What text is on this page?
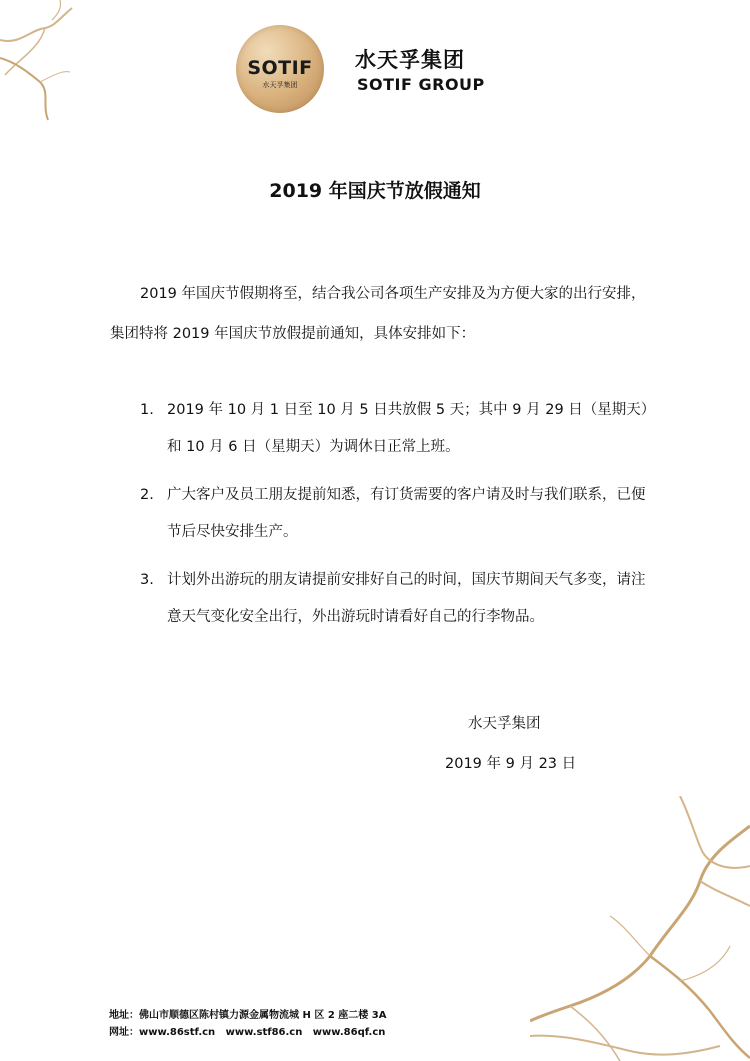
SOTIF
水天孚集团
水天孚集团
SOTIF GROUP
2019 年国庆节放假通知
2019 年国庆节假期将至，结合我公司各项生产安排及为方便大家的出行安排，集团特将 2019 年国庆节放假提前通知，具体安排如下：
1. 2019 年 10 月 1 日至 10 月 5 日共放假 5 天；其中 9 月 29 日（星期天）和 10 月 6 日（星期天）为调休日正常上班。
2. 广大客户及员工朋友提前知悉，有订货需要的客户请及时与我们联系，已便节后尽快安排生产。
3. 计划外出游玩的朋友请提前安排好自己的时间，国庆节期间天气多变，请注意天气变化安全出行，外出游玩时请看好自己的行李物品。
水天孚集团
2019 年 9 月 23 日
地址：佛山市顺德区陈村镇力源金属物流城 H 区 2 座二楼 3A
网址：www.86stf.cn   www.stf86.cn   www.86qf.cn
